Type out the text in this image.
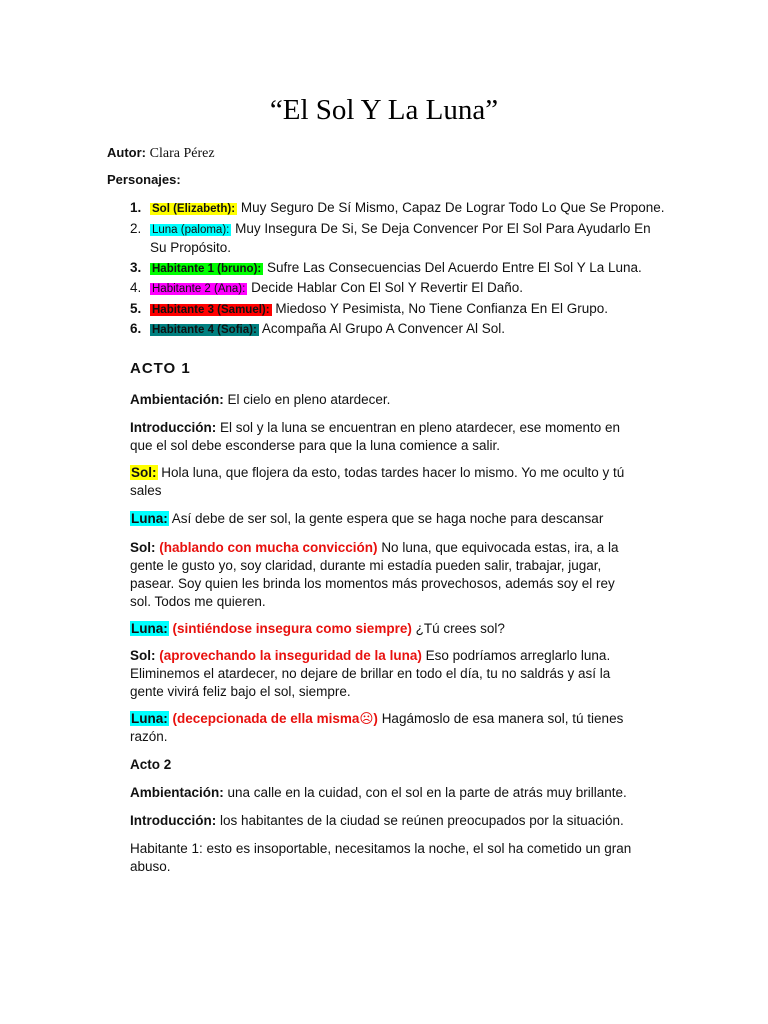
“El Sol Y La Luna”
Autor: Clara Pérez
Personajes:
1. Sol (Elizabeth): Muy Seguro De Sí Mismo, Capaz De Lograr Todo Lo Que Se Propone.
2. Luna (paloma): Muy Insegura De Si, Se Deja Convencer Por El Sol Para Ayudarlo En Su Propósito.
3. Habitante 1 (bruno): Sufre Las Consecuencias Del Acuerdo Entre El Sol Y La Luna.
4. Habitante 2 (Ana): Decide Hablar Con El Sol Y Revertir El Daño.
5. Habitante 3 (Samuel): Miedoso Y Pesimista, No Tiene Confianza En El Grupo.
6. Habitante 4 (Sofia): Acompaña Al Grupo A Convencer Al Sol.
ACTO 1

Ambientación: El cielo en pleno atardecer.

Introducción: El sol y la luna se encuentran en pleno atardecer, ese momento en que el sol debe esconderse para que la luna comience a salir.

Sol: Hola luna, que flojera da esto, todas tardes hacer lo mismo. Yo me oculto y tú sales

Luna: Así debe de ser sol, la gente espera que se haga noche para descansar

Sol: (hablando con mucha convicción) No luna, que equivocada estas, ira, a la gente le gusto yo, soy claridad, durante mi estadía pueden salir, trabajar, jugar, pasear. Soy quien les brinda los momentos más provechosos, además soy el rey sol. Todos me quieren.

Luna: (sintiéndose insegura como siempre) ¿Tú crees sol?

Sol: (aprovechando la inseguridad de la luna) Eso podríamos arreglarlo luna. Eliminemos el atardecer, no dejare de brillar en todo el día, tu no saldrás y así la gente vivirá feliz bajo el sol, siempre.

Luna: (decepcionada de ella misma☹) Hagámoslo de esa manera sol, tú tienes razón.

Acto 2

Ambientación: una calle en la cuidad, con el sol en la parte de atrás muy brillante.

Introducción: los habitantes de la ciudad se reúnen preocupados por la situación.

Habitante 1: esto es insoportable, necesitamos la noche, el sol ha cometido un gran abuso.
